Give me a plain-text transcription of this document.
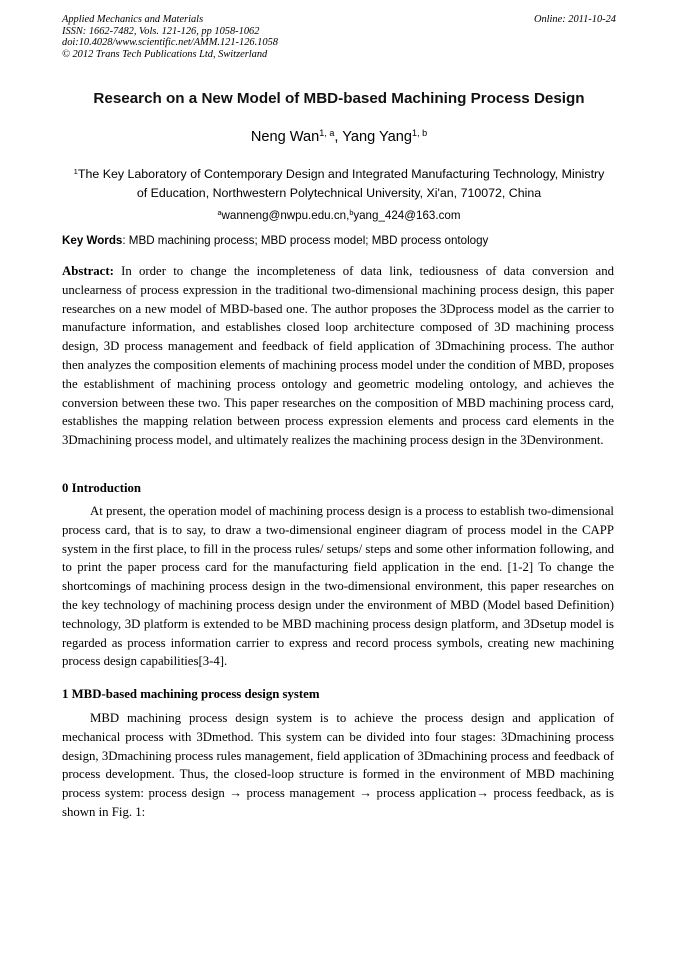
Applied Mechanics and Materials
ISSN: 1662-7482, Vols. 121-126, pp 1058-1062
doi:10.4028/www.scientific.net/AMM.121-126.1058
© 2012 Trans Tech Publications Ltd, Switzerland
Online: 2011-10-24
Research on a New Model of MBD-based Machining Process Design
Neng Wan$^{1, a}$, Yang Yang$^{1, b}$
$^1$The Key Laboratory of Contemporary Design and Integrated Manufacturing Technology, Ministry
of Education, Northwestern Polytechnical University, Xi'an, 710072, China
$^a$wanneng@nwpu.edu.cn,$^b$yang_424@163.com
Key Words: MBD machining process; MBD process model; MBD process ontology
Abstract: In order to change the incompleteness of data link, tediousness of data conversion and unclearness of process expression in the traditional two-dimensional machining process design, this paper researches on a new model of MBD-based one. The author proposes the 3Dprocess model as the carrier to manufacture information, and establishes closed loop architecture composed of 3D machining process design, 3D process management and feedback of field application of 3Dmachining process. The author then analyzes the composition elements of machining process model under the condition of MBD, proposes the establishment of machining process ontology and geometric modeling ontology, and achieves the conversion between these two. This paper researches on the composition of MBD machining process card, establishes the mapping relation between process expression elements and process card elements in the 3Dmachining process model, and ultimately realizes the machining process design in the 3Denvironment.
0 Introduction
At present, the operation model of machining process design is a process to establish two-dimensional process card, that is to say, to draw a two-dimensional engineer diagram of process model in the CAPP system in the first place, to fill in the process rules/ setups/ steps and some other information following, and to print the paper process card for the manufacturing field application in the end. [1-2] To change the shortcomings of machining process design in the two-dimensional environment, this paper researches on the key technology of machining process design under the environment of MBD (Model based Definition) technology, 3D platform is extended to be MBD machining process design platform, and 3Dsetup model is regarded as process information carrier to express and record process symbols, creating new machining process design capabilities[3-4].
1 MBD-based machining process design system
MBD machining process design system is to achieve the process design and application of mechanical process with 3Dmethod. This system can be divided into four stages: 3Dmachining process design, 3Dmachining process rules management, field application of 3Dmachining process and feedback of process development. Thus, the closed-loop structure is formed in the environment of MBD machining process system: process design → process management → process application→ process feedback, as is shown in Fig. 1:
